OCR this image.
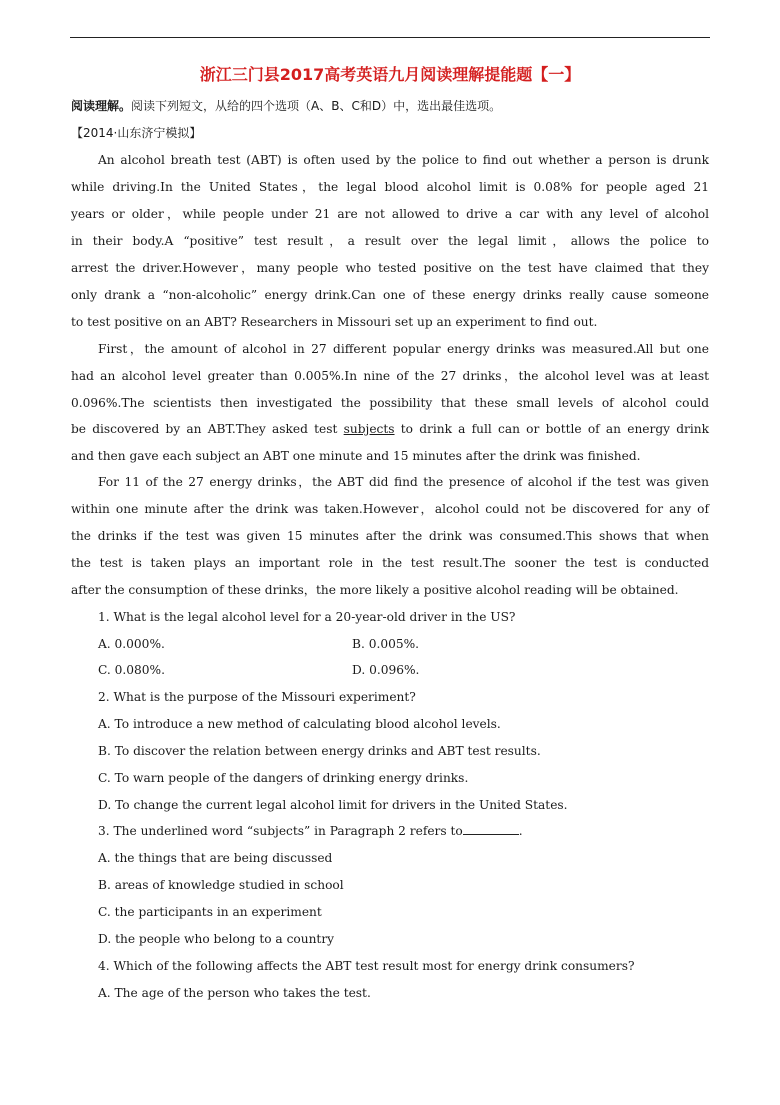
浙江三门县2017高考英语九月阅读理解提能题【一】
阅读理解。阅读下列短文，从给的四个选项（A、B、C和D）中，选出最佳选项。
【2014·山东济宁模拟】
An alcohol breath test (ABT) is often used by the police to find out whether a person is drunk
while driving.In the United States，the legal blood alcohol limit is 0.08% for people aged 21
years or older，while people under 21 are not allowed to drive a car with any level of alcohol
in their body.A “positive” test result，a result over the legal limit，allows the police to
arrest the driver.However，many people who tested positive on the test have claimed that they
only drank a “non-alcoholic” energy drink.Can one of these energy drinks really cause someone
to test positive on an ABT? Researchers in Missouri set up an experiment to find out.
First，the amount of alcohol in 27 different popular energy drinks was measured.All but one
had an alcohol level greater than 0.005%.In nine of the 27 drinks，the alcohol level was at least
0.096%.The scientists then investigated the possibility that these small levels of alcohol could
be discovered by an ABT.They asked test subjects to drink a full can or bottle of an energy drink
and then gave each subject an ABT one minute and 15 minutes after the drink was finished.
For 11 of the 27 energy drinks，the ABT did find the presence of alcohol if the test was given
within one minute after the drink was taken.However，alcohol could not be discovered for any of
the drinks if the test was given 15 minutes after the drink was consumed.This shows that when
the test is taken plays an important role in the test result.The sooner the test is conducted
after the consumption of these drinks，the more likely a positive alcohol reading will be obtained.
1. What is the legal alcohol level for a 20-year-old driver in the US?
A. 0.000%.	B. 0.005%.
C. 0.080%.	D. 0.096%.
2. What is the purpose of the Missouri experiment?
A. To introduce a new method of calculating blood alcohol levels.
B. To discover the relation between energy drinks and ABT test results.
C. To warn people of the dangers of drinking energy drinks.
D. To change the current legal alcohol limit for drivers in the United States.
3. The underlined word “subjects” in Paragraph 2 refers to	.
A. the things that are being discussed
B. areas of knowledge studied in school
C. the participants in an experiment
D. the people who belong to a country
4. Which of the following affects the ABT test result most for energy drink consumers?
A. The age of the person who takes the test.
